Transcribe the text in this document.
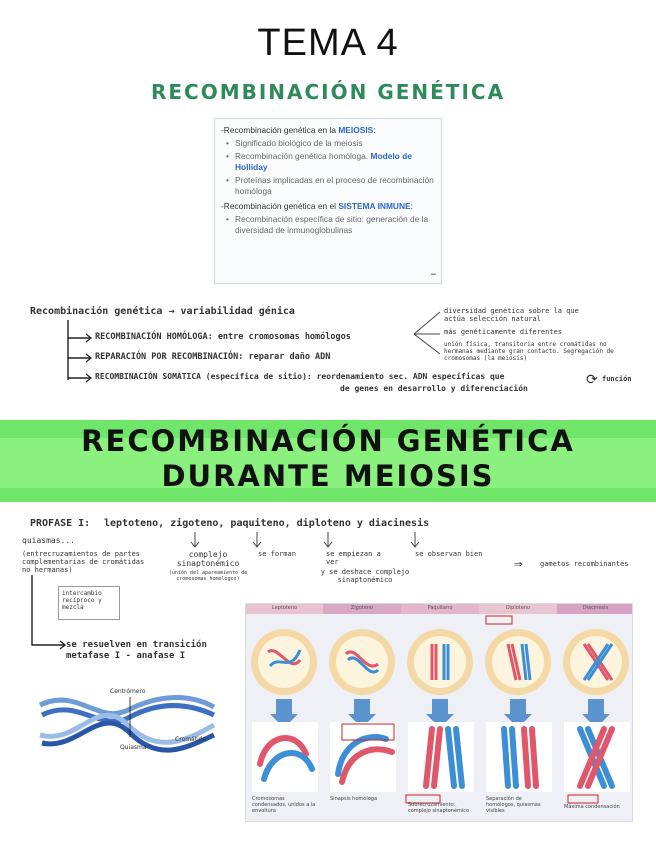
TEMA 4
RECOMBINACIÓN GENÉTICA
-Recombinación genética en la MEIOSIS:
• Significado biológico de la meiosis
• Recombinación genética homóloga. Modelo de Holliday
• Proteínas implicadas en el proceso de recombinación homóloga
-Recombinación genética en el SISTEMA INMUNE:
• Recombinación específica de sitio: generación de la diversidad de inmunoglobulinas
▬
Recombinación genética → variabilidad génica
RECOMBINACIÓN HOMÓLOGA: entre cromosomas homólogos
REPARACIÓN POR RECOMBINACIÓN: reparar daño ADN
RECOMBINACIÓN SOMÁTICA (específica de sitio): reordenamiento sec. ADN específicas que
de genes en desarrollo y diferenciación
⟳ función
diversidad genética sobre la que actúa selección natural
más genéticamente diferentes
unión física, transitoria entre cromátidas no hermanas mediante gran contacto. Segregación de cromosomas (la meiosis)
RECOMBINACIÓN GENÉTICA
DURANTE MEIOSIS
PROFASE I: leptoteno, zigoteno, paquiteno, diploteno y diacinesis
quiasmas...
(entrecruzamientos de partes complementarias de cromátidas no hermanas)
complejo sinaptonémico
(unión del apareamiento de cromosomas homólogos)
se forman	se empiezan a ver
se observan bien
y se deshace complejo sinaptonémico
⇒	gametos recombinantes
intercambio recíproco y mezcla
se resuelven en transición metafase I - anafase I
Centrómero
Cromátida
Quiasma
Leptoteno	Zigoteno	Paquiteno	Diploteno	Diacinesis
Cromosomas condensados, unidos a la envoltura
Sinapsis homóloga
Sobrecruzamiento: complejo sinaptonémico
Separación de homólogos, quiasmas visibles
Máxima condensación
